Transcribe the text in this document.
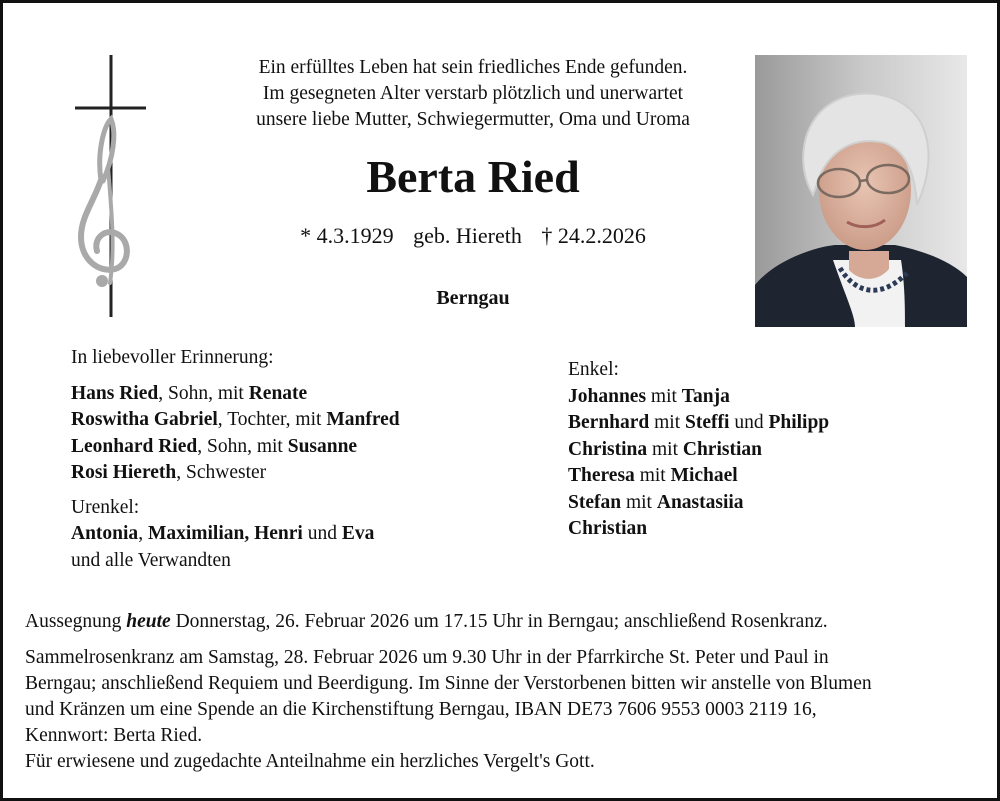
Ein erfülltes Leben hat sein friedliches Ende gefunden.
Im gesegneten Alter verstarb plötzlich und unerwartet
unsere liebe Mutter, Schwiegermutter, Oma und Uroma
Berta Ried
* 4.3.1929 geb. Hiereth † 24.2.2026
Berngau
In liebevoller Erinnerung:
Hans Ried, Sohn, mit Renate
Roswitha Gabriel, Tochter, mit Manfred
Leonhard Ried, Sohn, mit Susanne
Rosi Hiereth, Schwester
Urenkel:
Antonia, Maximilian, Henri und Eva
und alle Verwandten
Enkel:
Johannes mit Tanja
Bernhard mit Steffi und Philipp
Christina mit Christian
Theresa mit Michael
Stefan mit Anastasiia
Christian
Aussegnung heute Donnerstag, 26. Februar 2026 um 17.15 Uhr in Berngau; anschließend Rosenkranz.
Sammelrosenkranz am Samstag, 28. Februar 2026 um 9.30 Uhr in der Pfarrkirche St. Peter und Paul in
Berngau; anschließend Requiem und Beerdigung. Im Sinne der Verstorbenen bitten wir anstelle von Blumen
und Kränzen um eine Spende an die Kirchenstiftung Berngau, IBAN DE73 7606 9553 0003 2119 16,
Kennwort: Berta Ried.
Für erwiesene und zugedachte Anteilnahme ein herzliches Vergelt's Gott.
